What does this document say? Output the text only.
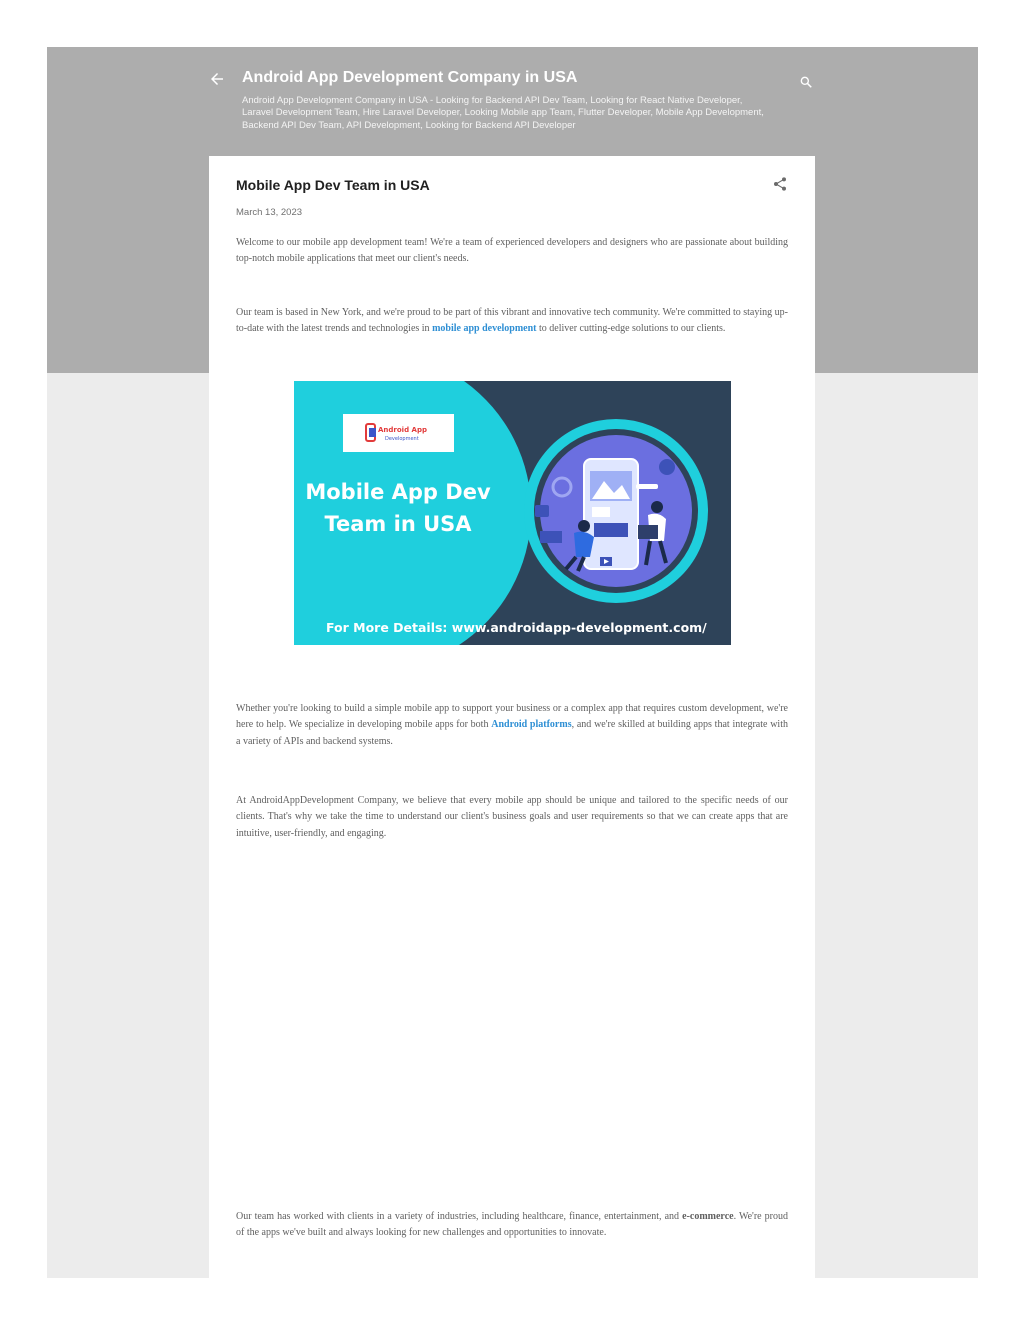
Android App Development Company in USA
Android App Development Company in USA - Looking for Backend API Dev Team, Looking for React Native Developer, Laravel Development Team, Hire Laravel Developer, Looking Mobile app Team, Flutter Developer, Mobile App Development, Backend API Dev Team, API Development, Looking for Backend API Developer
Mobile App Dev Team in USA
March 13, 2023

Welcome to our mobile app development team! We're a team of experienced developers and designers who are passionate about building top-notch mobile applications that meet our client's needs.

Our team is based in New York, and we're proud to be part of this vibrant and innovative tech community. We're committed to staying up-to-date with the latest trends and technologies in mobile app development to deliver cutting-edge solutions to our clients.

Android App
Development
Mobile App Dev
Team in USA
For More Details: www.androidapp-development.com/

Whether you're looking to build a simple mobile app to support your business or a complex app that requires custom development, we're here to help. We specialize in developing mobile apps for both Android platforms, and we're skilled at building apps that integrate with a variety of APIs and backend systems.

At AndroidAppDevelopment Company, we believe that every mobile app should be unique and tailored to the specific needs of our clients. That's why we take the time to understand our client's business goals and user requirements so that we can create apps that are intuitive, user-friendly, and engaging.

Our team has worked with clients in a variety of industries, including healthcare, finance, entertainment, and e-commerce. We're proud of the apps we've built and always looking for new challenges and opportunities to innovate.
